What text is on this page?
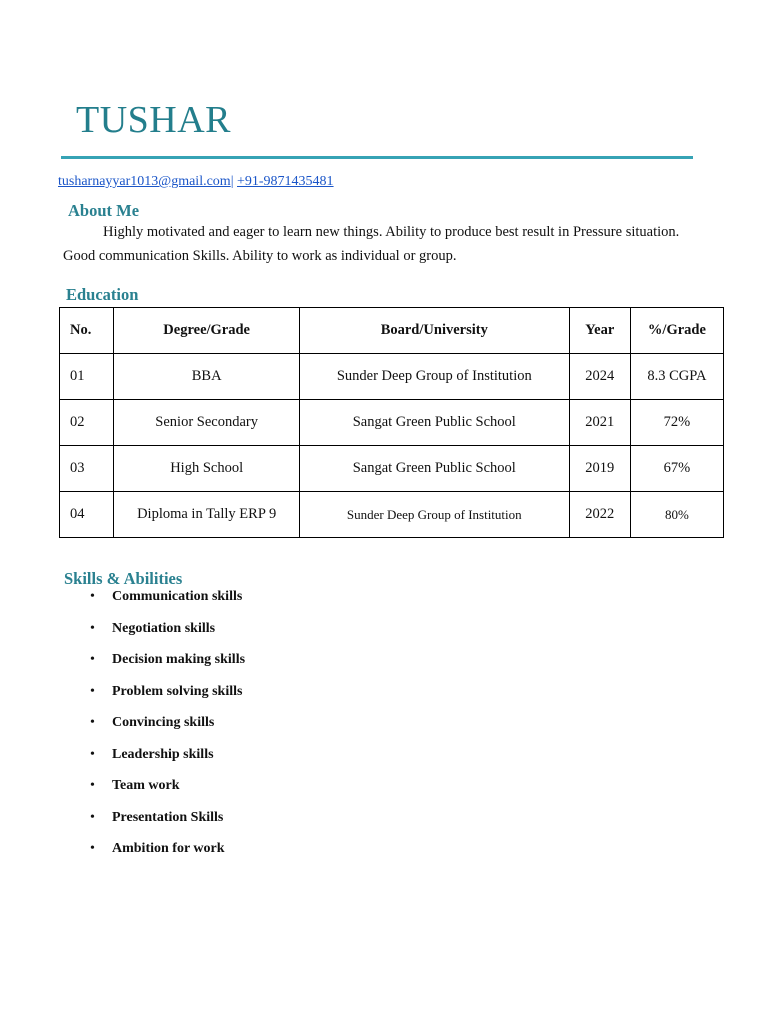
TUSHAR
tusharnayyar1013@gmail.com| +91-9871435481
About Me
Highly motivated and eager to learn new things. Ability to produce best result in Pressure situation. Good communication Skills. Ability to work as individual or group.
Education
No.	Degree/Grade	Board/University	Year	%/Grade
01	BBA	Sunder Deep Group of Institution	2024	8.3 CGPA
02	Senior Secondary	Sangat Green Public School	2021	72%
03	High School	Sangat Green Public School	2019	67%
04	Diploma in Tally ERP 9	Sunder Deep Group of Institution	2022	80%
Skills & Abilities
• Communication skills
• Negotiation skills
• Decision making skills
• Problem solving skills
• Convincing skills
• Leadership skills
• Team work
• Presentation Skills
• Ambition for work
